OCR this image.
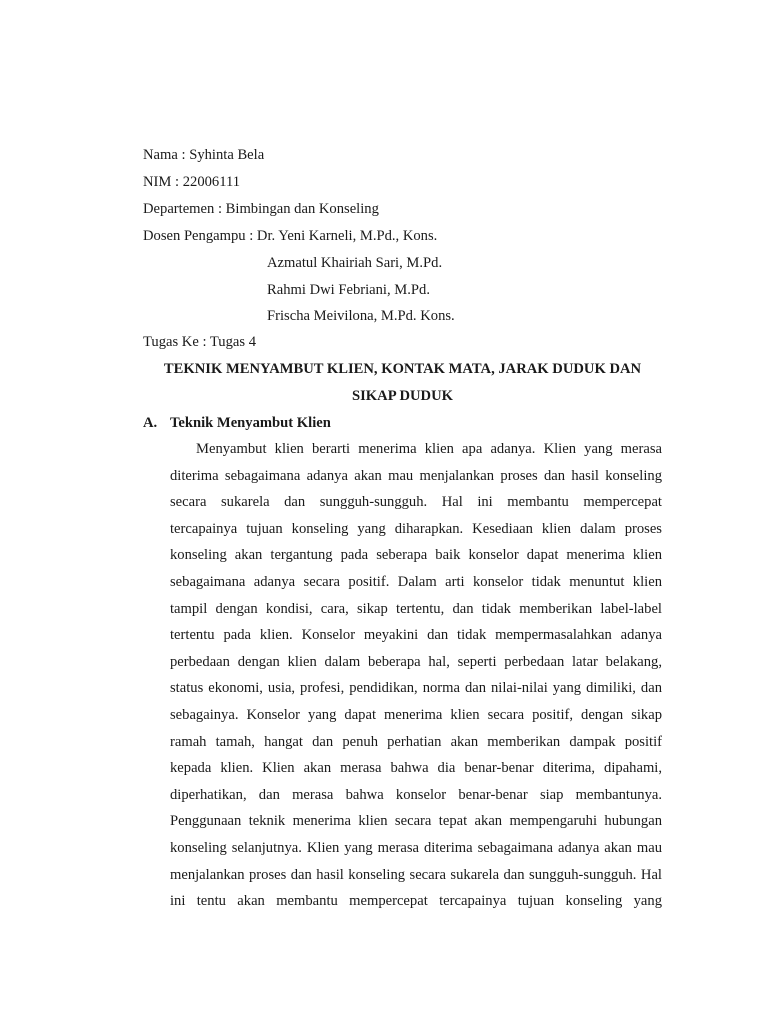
Nama : Syhinta Bela
NIM : 22006111
Departemen : Bimbingan dan Konseling
Dosen Pengampu : Dr. Yeni Karneli, M.Pd., Kons.
Azmatul Khairiah Sari, M.Pd.
Rahmi Dwi Febriani, M.Pd.
Frischa Meivilona, M.Pd. Kons.
Tugas Ke : Tugas 4
TEKNIK MENYAMBUT KLIEN, KONTAK MATA, JARAK DUDUK DAN
SIKAP DUDUK
A. Teknik Menyambut Klien
Menyambut klien berarti menerima klien apa adanya. Klien yang merasa
diterima sebagaimana adanya akan mau menjalankan proses dan hasil konseling
secara sukarela dan sungguh-sungguh. Hal ini membantu mempercepat
tercapainya tujuan konseling yang diharapkan. Kesediaan klien dalam proses
konseling akan tergantung pada seberapa baik konselor dapat menerima klien
sebagaimana adanya secara positif. Dalam arti konselor tidak menuntut klien
tampil dengan kondisi, cara, sikap tertentu, dan tidak memberikan label-label
tertentu pada klien. Konselor meyakini dan tidak mempermasalahkan adanya
perbedaan dengan klien dalam beberapa hal, seperti perbedaan latar belakang,
status ekonomi, usia, profesi, pendidikan, norma dan nilai-nilai yang dimiliki, dan
sebagainya. Konselor yang dapat menerima klien secara positif, dengan sikap
ramah tamah, hangat dan penuh perhatian akan memberikan dampak positif
kepada klien. Klien akan merasa bahwa dia benar-benar diterima, dipahami,
diperhatikan, dan merasa bahwa konselor benar-benar siap membantunya.
Penggunaan teknik menerima klien secara tepat akan mempengaruhi hubungan
konseling selanjutnya. Klien yang merasa diterima sebagaimana adanya akan mau
menjalankan proses dan hasil konseling secara sukarela dan sungguh-sungguh. Hal
ini tentu akan membantu mempercepat tercapainya tujuan konseling yang
